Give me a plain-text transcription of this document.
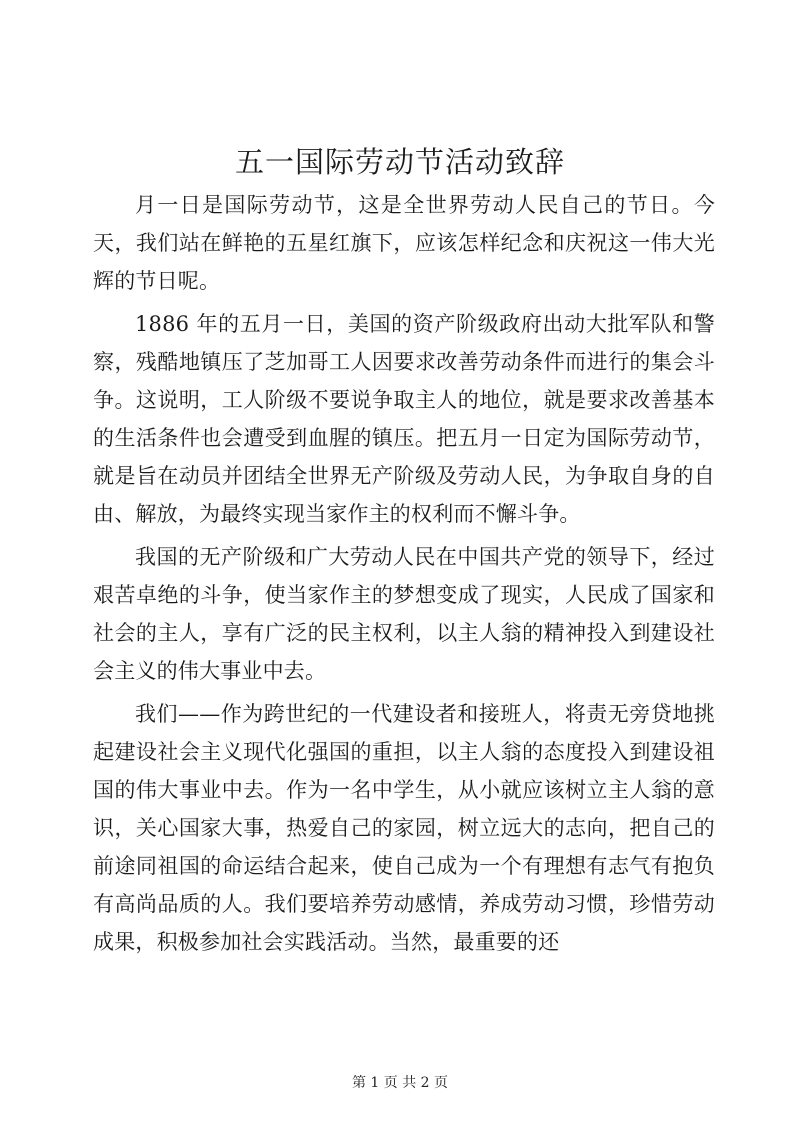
五一国际劳动节活动致辞

月一日是国际劳动节，这是全世界劳动人民自己的节日。今天，我们站在鲜艳的五星红旗下，应该怎样纪念和庆祝这一伟大光辉的节日呢。

1886 年的五月一日，美国的资产阶级政府出动大批军队和警察，残酷地镇压了芝加哥工人因要求改善劳动条件而进行的集会斗争。这说明，工人阶级不要说争取主人的地位，就是要求改善基本的生活条件也会遭受到血腥的镇压。把五月一日定为国际劳动节，就是旨在动员并团结全世界无产阶级及劳动人民，为争取自身的自由、解放，为最终实现当家作主的权利而不懈斗争。

我国的无产阶级和广大劳动人民在中国共产党的领导下，经过艰苦卓绝的斗争，使当家作主的梦想变成了现实，人民成了国家和社会的主人，享有广泛的民主权利，以主人翁的精神投入到建设社会主义的伟大事业中去。

我们——作为跨世纪的一代建设者和接班人，将责无旁贷地挑起建设社会主义现代化强国的重担，以主人翁的态度投入到建设祖国的伟大事业中去。作为一名中学生，从小就应该树立主人翁的意识，关心国家大事，热爱自己的家园，树立远大的志向，把自己的前途同祖国的命运结合起来，使自己成为一个有理想有志气有抱负有高尚品质的人。我们要培养劳动感情，养成劳动习惯，珍惜劳动成果，积极参加社会实践活动。当然，最重要的还

第 1 页 共 2 页
